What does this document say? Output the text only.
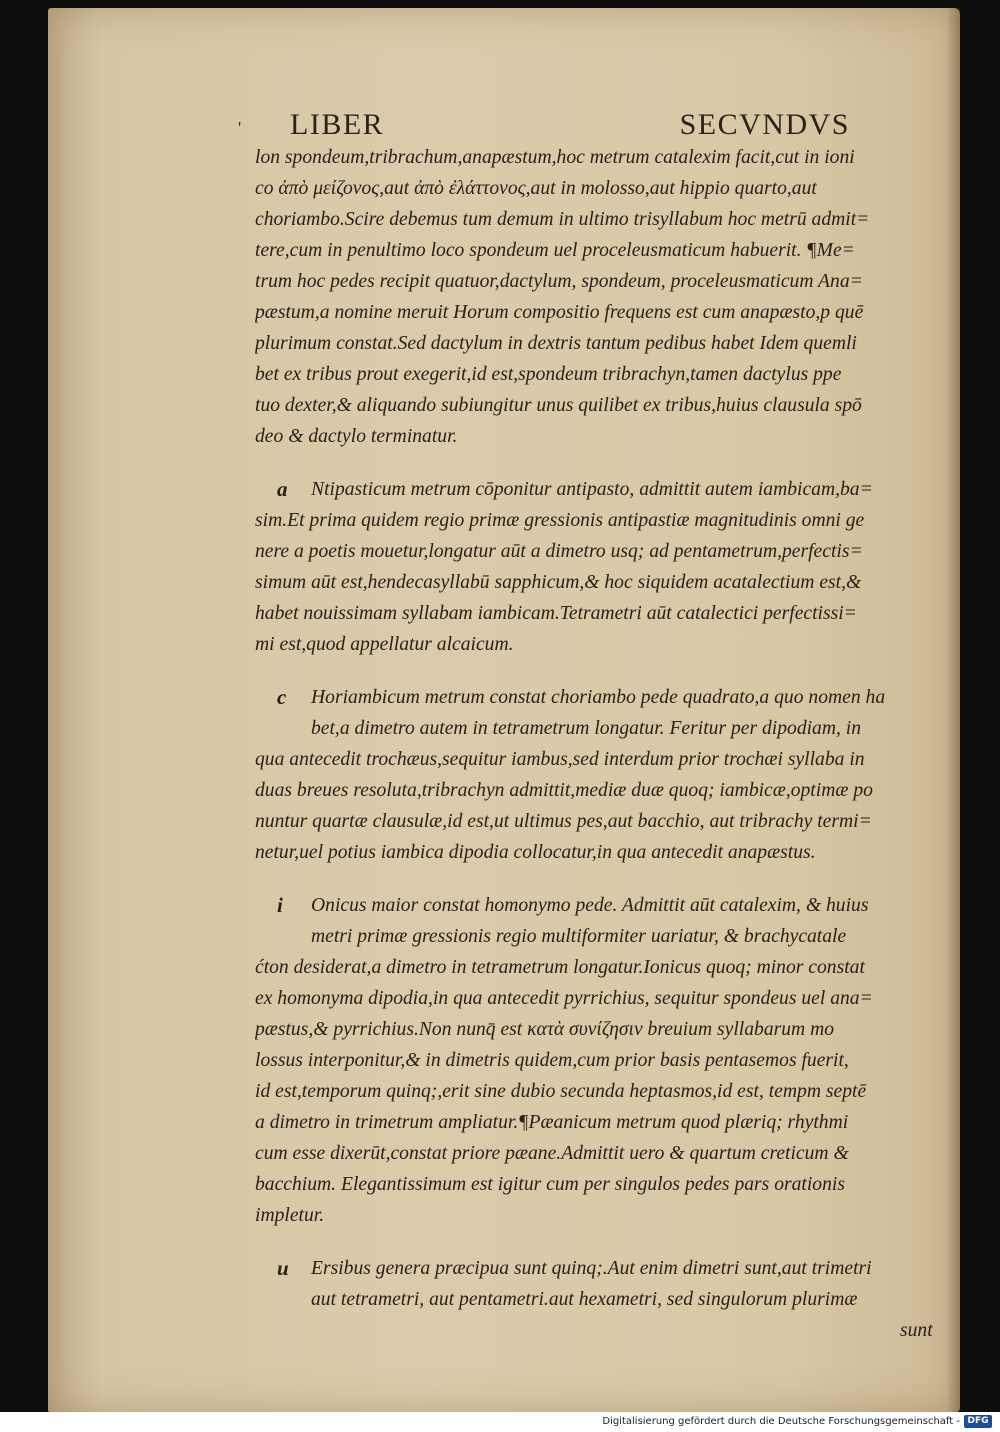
' LIBER	SECVNDVS
lon spondeum,tribrachum,anapæstum,hoc metrum catalexim facit,cut in ioni
co ἀπὸ μείζονος,aut ἀπὸ ἐλάττονος,aut in molosso,aut hippio quarto,aut
choriambo.Scire debemus tum demum in ultimo trisyllabum hoc metrū admit=
tere,cum in penultimo loco spondeum uel proceleusmaticum habuerit. ¶Me=
trum hoc pedes recipit quatuor,dactylum, spondeum, proceleusmaticum Ana=
pæstum,a nomine meruit Horum compositio frequens est cum anapæsto,p quē
plurimum constat.Sed dactylum in dextris tantum pedibus habet Idem quemli
bet ex tribus prout exegerit,id est,spondeum tribrachyn,tamen dactylus ppe
tuo dexter,& aliquando subiungitur unus quilibet ex tribus,huius clausula spō
deo & dactylo terminatur.
a	Ntipasticum metrum cōponitur antipasto, admittit autem iambicam,ba=
sim.Et prima quidem regio primæ gressionis antipastiæ magnitudinis omni ge
nere a poetis mouetur,longatur aūt a dimetro usq; ad pentametrum,perfectis=
simum aūt est,hendecasyllabū sapphicum,& hoc siquidem acatalectium est,&
habet nouissimam syllabam iambicam.Tetrametri aūt catalectici perfectissi=
mi est,quod appellatur alcaicum.
c	Horiambicum metrum constat choriambo pede quadrato,a quo nomen ha
bet,a dimetro autem in tetrametrum longatur. Feritur per dipodiam, in
qua antecedit trochæus,sequitur iambus,sed interdum prior trochæi syllaba in
duas breues resoluta,tribrachyn admittit,mediæ duæ quoq; iambicæ,optimæ po
nuntur quartæ clausulæ,id est,ut ultimus pes,aut bacchio, aut tribrachy termi=
netur,uel potius iambica dipodia collocatur,in qua antecedit anapæstus.
i	Onicus maior constat homonymo pede. Admittit aūt catalexim, & huius
metri primæ gressionis regio multiformiter uariatur, & brachycatale
ćton desiderat,a dimetro in tetrametrum longatur.Ionicus quoq; minor constat
ex homonyma dipodia,in qua antecedit pyrrichius, sequitur spondeus uel ana=
pæstus,& pyrrichius.Non nunq̄ est κατὰ συνίζησιν breuium syllabarum mo
lossus interponitur,& in dimetris quidem,cum prior basis pentasemos fuerit,
id est,temporum quinq;,erit sine dubio secunda heptasmos,id est, tempm septē
a dimetro in trimetrum ampliatur.¶Pæanicum metrum quod plæriq; rhythmi
cum esse dixerūt,constat priore pæane.Admittit uero & quartum creticum &
bacchium. Elegantissimum est igitur cum per singulos pedes pars orationis
impletur.
u	Ersibus genera præcipua sunt quinq;.Aut enim dimetri sunt,aut trimetri
aut tetrametri, aut pentametri.aut hexametri, sed singulorum plurimæ
sunt
Digitalisierung gefördert durch die Deutsche Forschungsgemeinschaft - DFG
